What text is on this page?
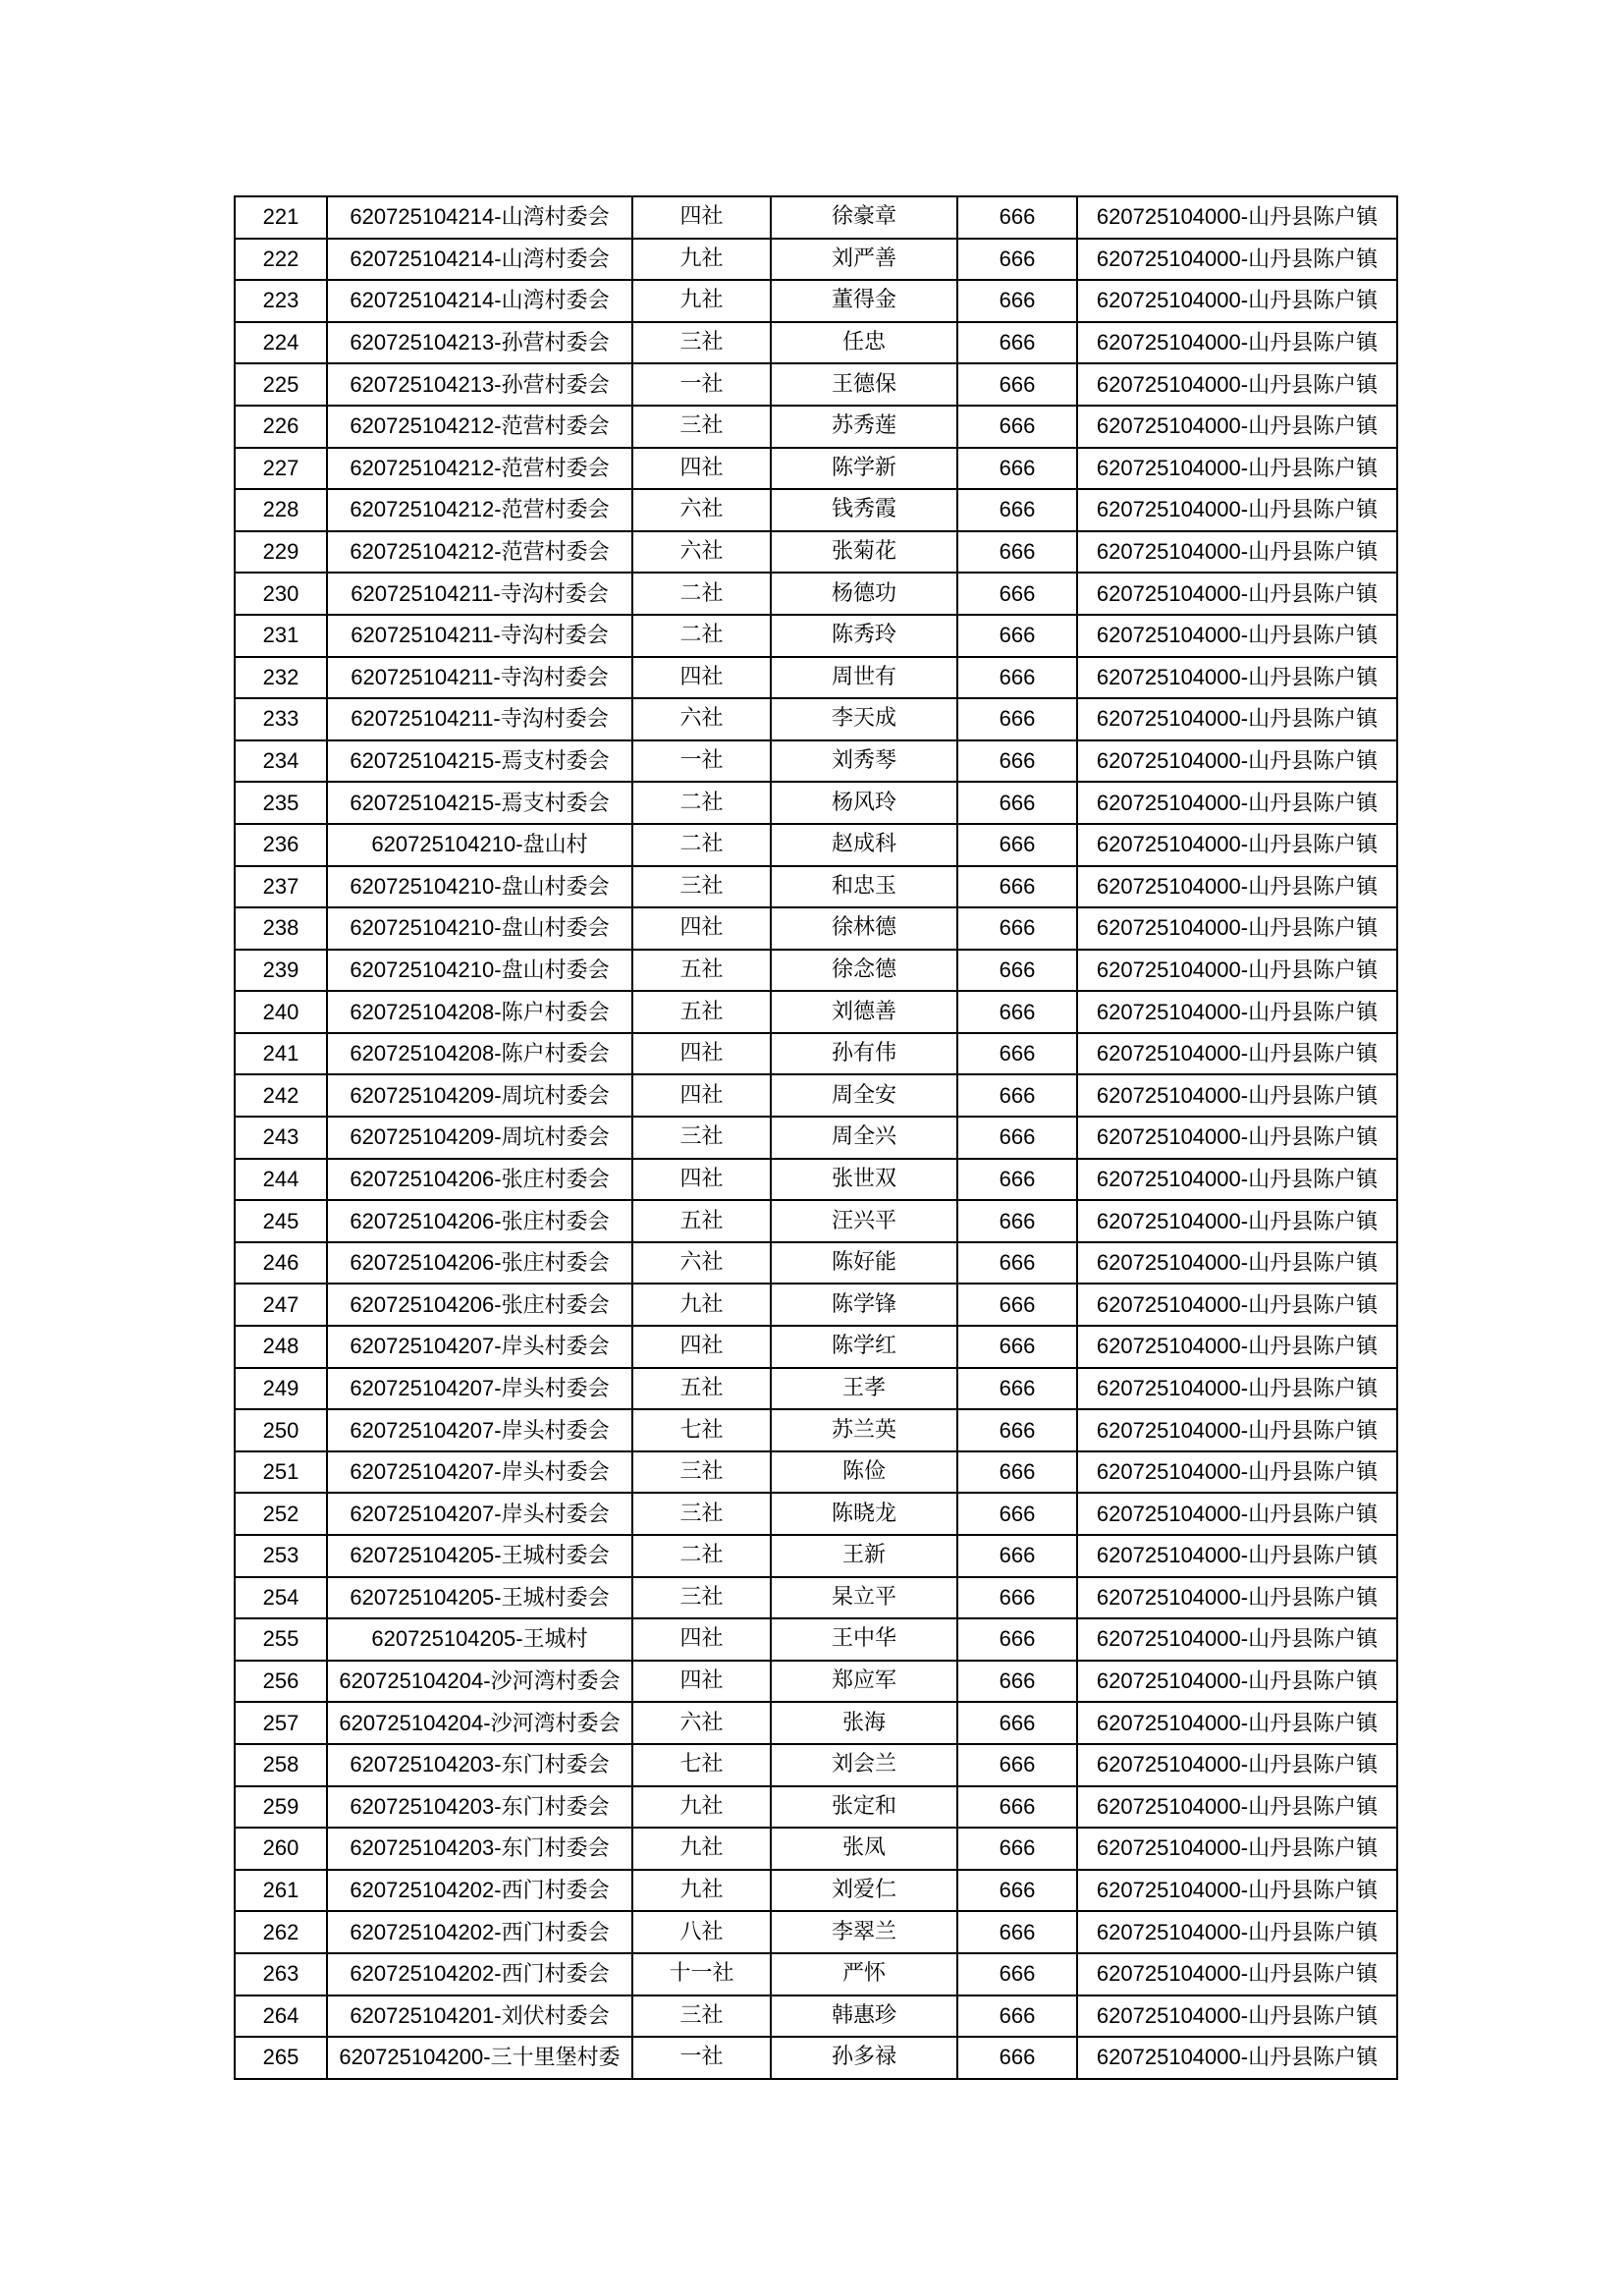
221	620725104214-山湾村委会	四社	徐豪章	666	620725104000-山丹县陈户镇
222	620725104214-山湾村委会	九社	刘严善	666	620725104000-山丹县陈户镇
223	620725104214-山湾村委会	九社	董得金	666	620725104000-山丹县陈户镇
224	620725104213-孙营村委会	三社	任忠	666	620725104000-山丹县陈户镇
225	620725104213-孙营村委会	一社	王德保	666	620725104000-山丹县陈户镇
226	620725104212-范营村委会	三社	苏秀莲	666	620725104000-山丹县陈户镇
227	620725104212-范营村委会	四社	陈学新	666	620725104000-山丹县陈户镇
228	620725104212-范营村委会	六社	钱秀霞	666	620725104000-山丹县陈户镇
229	620725104212-范营村委会	六社	张菊花	666	620725104000-山丹县陈户镇
230	620725104211-寺沟村委会	二社	杨德功	666	620725104000-山丹县陈户镇
231	620725104211-寺沟村委会	二社	陈秀玲	666	620725104000-山丹县陈户镇
232	620725104211-寺沟村委会	四社	周世有	666	620725104000-山丹县陈户镇
233	620725104211-寺沟村委会	六社	李天成	666	620725104000-山丹县陈户镇
234	620725104215-焉支村委会	一社	刘秀琴	666	620725104000-山丹县陈户镇
235	620725104215-焉支村委会	二社	杨风玲	666	620725104000-山丹县陈户镇
236	620725104210-盘山村	二社	赵成科	666	620725104000-山丹县陈户镇
237	620725104210-盘山村委会	三社	和忠玉	666	620725104000-山丹县陈户镇
238	620725104210-盘山村委会	四社	徐林德	666	620725104000-山丹县陈户镇
239	620725104210-盘山村委会	五社	徐念德	666	620725104000-山丹县陈户镇
240	620725104208-陈户村委会	五社	刘德善	666	620725104000-山丹县陈户镇
241	620725104208-陈户村委会	四社	孙有伟	666	620725104000-山丹县陈户镇
242	620725104209-周坑村委会	四社	周全安	666	620725104000-山丹县陈户镇
243	620725104209-周坑村委会	三社	周全兴	666	620725104000-山丹县陈户镇
244	620725104206-张庄村委会	四社	张世双	666	620725104000-山丹县陈户镇
245	620725104206-张庄村委会	五社	汪兴平	666	620725104000-山丹县陈户镇
246	620725104206-张庄村委会	六社	陈好能	666	620725104000-山丹县陈户镇
247	620725104206-张庄村委会	九社	陈学锋	666	620725104000-山丹县陈户镇
248	620725104207-岸头村委会	四社	陈学红	666	620725104000-山丹县陈户镇
249	620725104207-岸头村委会	五社	王孝	666	620725104000-山丹县陈户镇
250	620725104207-岸头村委会	七社	苏兰英	666	620725104000-山丹县陈户镇
251	620725104207-岸头村委会	三社	陈俭	666	620725104000-山丹县陈户镇
252	620725104207-岸头村委会	三社	陈晓龙	666	620725104000-山丹县陈户镇
253	620725104205-王城村委会	二社	王新	666	620725104000-山丹县陈户镇
254	620725104205-王城村委会	三社	杲立平	666	620725104000-山丹县陈户镇
255	620725104205-王城村	四社	王中华	666	620725104000-山丹县陈户镇
256	620725104204-沙河湾村委会	四社	郑应军	666	620725104000-山丹县陈户镇
257	620725104204-沙河湾村委会	六社	张海	666	620725104000-山丹县陈户镇
258	620725104203-东门村委会	七社	刘会兰	666	620725104000-山丹县陈户镇
259	620725104203-东门村委会	九社	张定和	666	620725104000-山丹县陈户镇
260	620725104203-东门村委会	九社	张凤	666	620725104000-山丹县陈户镇
261	620725104202-西门村委会	九社	刘爱仁	666	620725104000-山丹县陈户镇
262	620725104202-西门村委会	八社	李翠兰	666	620725104000-山丹县陈户镇
263	620725104202-西门村委会	十一社	严怀	666	620725104000-山丹县陈户镇
264	620725104201-刘伏村委会	三社	韩惠珍	666	620725104000-山丹县陈户镇
265	620725104200-三十里堡村委	一社	孙多禄	666	620725104000-山丹县陈户镇
